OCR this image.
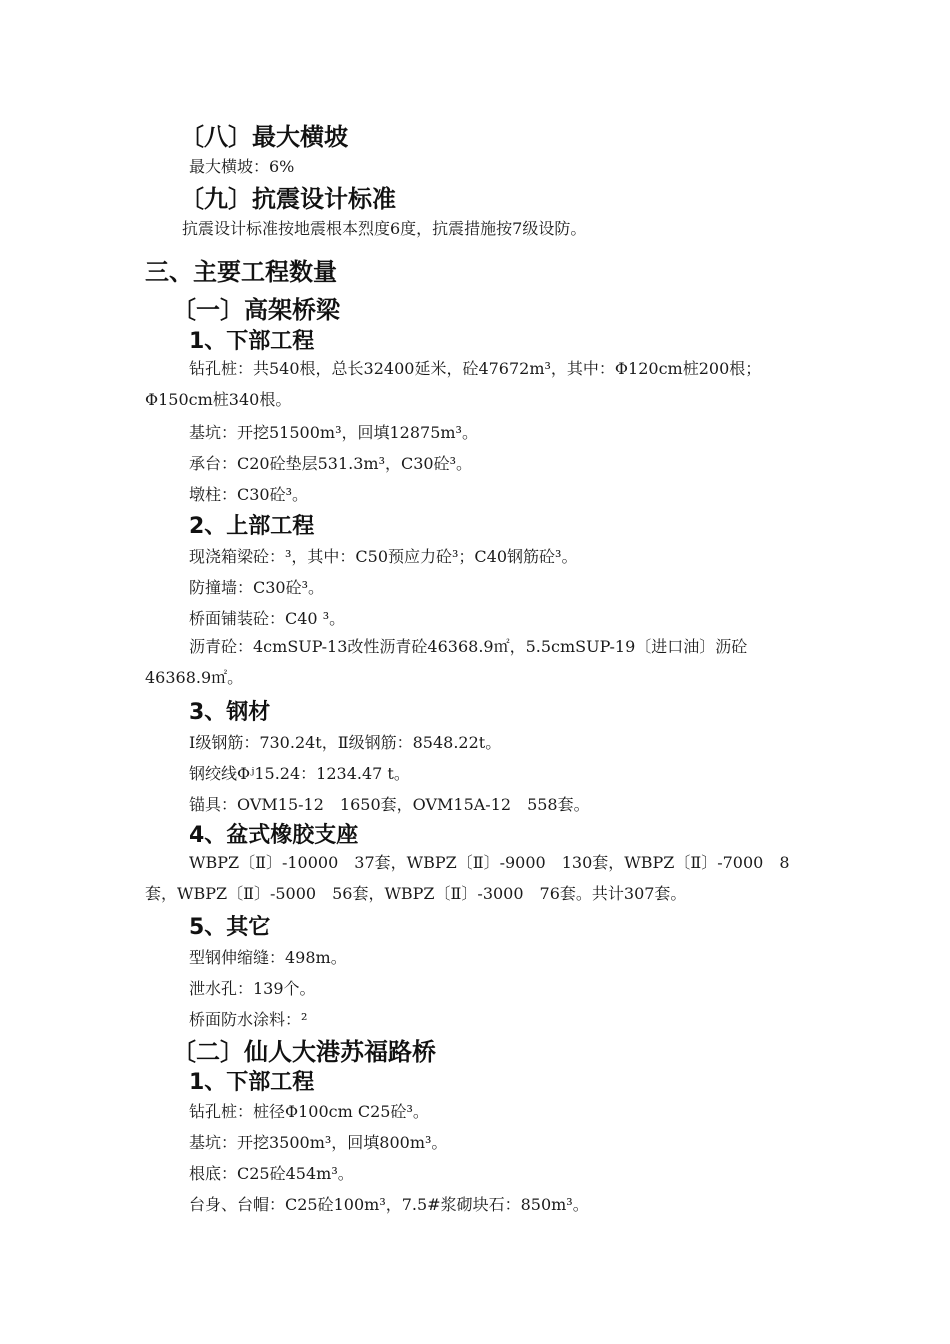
〔八〕最大横坡
最大横坡：6%
〔九〕抗震设计标准
抗震设计标准按地震根本烈度6度，抗震措施按7级设防。
三、主要工程数量
〔一〕高架桥梁
1、下部工程
钻孔桩：共540根，总长32400延米，砼47672m³，其中：Φ120cm桩200根；Φ150cm桩340根。
基坑：开挖51500m³，回填12875m³。
承台：C20砼垫层531.3m³，C30砼³。
墩柱：C30砼³。
2、上部工程
现浇箱梁砼：³，其中：C50预应力砼³；C40钢筋砼³。
防撞墙：C30砼³。
桥面铺装砼：C40 ³。
沥青砼：4cmSUP-13改性沥青砼46368.9㎡，5.5cmSUP-19〔进口油〕沥砼46368.9㎡。
3、钢材
Ⅰ级钢筋：730.24t，Ⅱ级钢筋：8548.22t。
钢绞线Φʲ15.24：1234.47 t。
锚具：OVM15-12　1650套，OVM15A-12　558套。
4、盆式橡胶支座
WBPZ〔Ⅱ〕-10000　37套，WBPZ〔Ⅱ〕-9000　130套，WBPZ〔Ⅱ〕-7000　8套，WBPZ〔Ⅱ〕-5000　56套，WBPZ〔Ⅱ〕-3000　76套。共计307套。
5、其它
型钢伸缩缝：498m。
泄水孔：139个。
桥面防水涂料：²
〔二〕仙人大港苏福路桥
1、下部工程
钻孔桩：桩径Φ100cm C25砼³。
基坑：开挖3500m³，回填800m³。
根底：C25砼454m³。
台身、台帽：C25砼100m³，7.5#浆砌块石：850m³。
